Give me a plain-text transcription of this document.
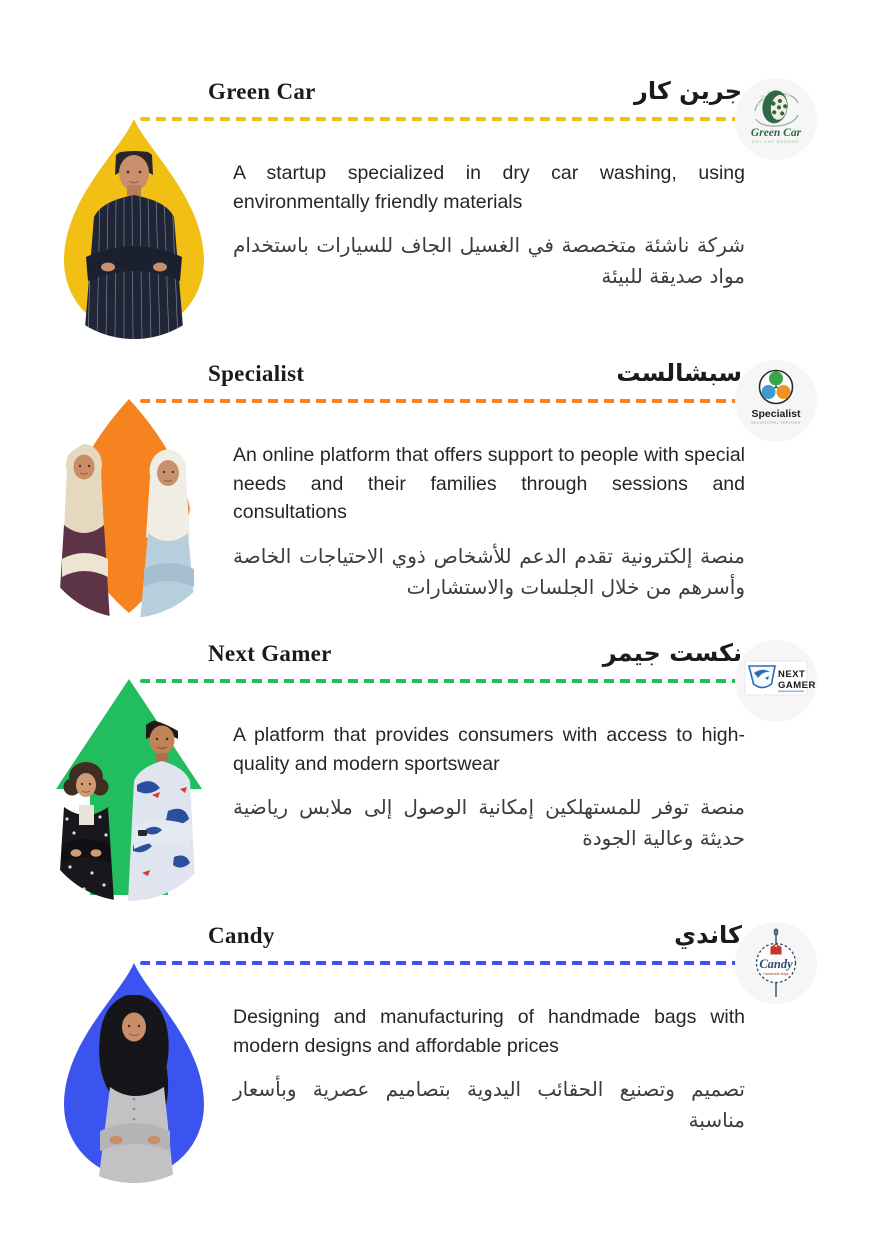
Green Car	جرين كار
Green Car
DRY CAR WASHING

A startup specialized in dry car washing, using environmentally friendly materials

شركة ناشئة متخصصة في الغسيل الجاف للسيارات باستخدام مواد صديقة للبيئة

Specialist	سبشالست
Specialist
EDUCATIONAL SERVICES

An online platform that offers support to people with special needs and their families through sessions and consultations

منصة إلكترونية تقدم الدعم للأشخاص ذوي الاحتياجات الخاصة وأسرهم من خلال الجلسات والاستشارات

Next Gamer	نكست جيمر
NEXT
GAMER

A platform that provides consumers with access to high-quality and modern sportswear

منصة توفر للمستهلكين إمكانية الوصول إلى ملابس رياضية حديثة وعالية الجودة

Candy	كاندي
Candy
Handmade Bags

Designing and manufacturing of handmade bags with modern designs and affordable prices

تصميم وتصنيع الحقائب اليدوية بتصاميم عصرية وبأسعار مناسبة
